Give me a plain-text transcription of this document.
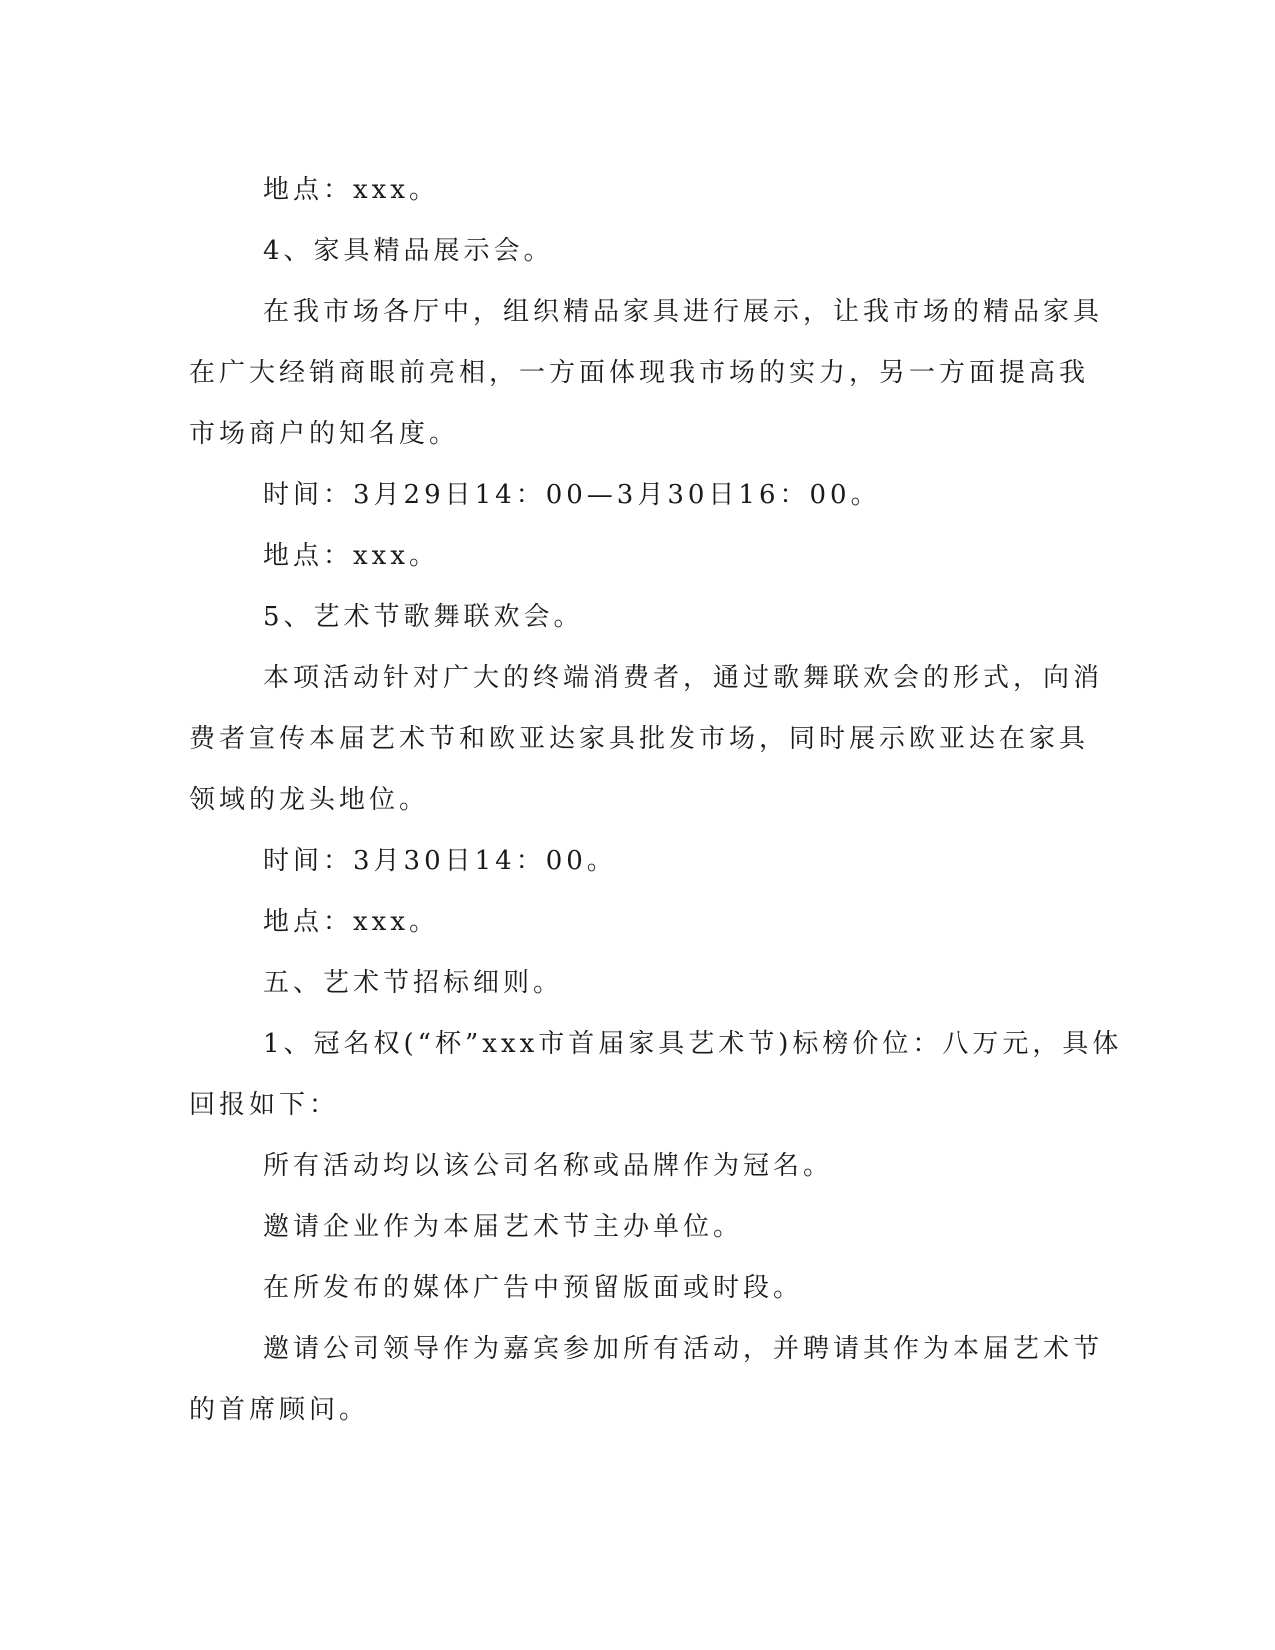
地点：xxx。

4、家具精品展示会。

在我市场各厅中，组织精品家具进行展示，让我市场的精品家具

在广大经销商眼前亮相，一方面体现我市场的实力，另一方面提高我

市场商户的知名度。

时间：3月29日14：00—3月30日16：00。

地点：xxx。

5、艺术节歌舞联欢会。

本项活动针对广大的终端消费者，通过歌舞联欢会的形式，向消

费者宣传本届艺术节和欧亚达家具批发市场，同时展示欧亚达在家具

领域的龙头地位。

时间：3月30日14：00。

地点：xxx。

五、艺术节招标细则。

1、冠名权(“杯”xxx市首届家具艺术节)标榜价位：八万元，具体

回报如下：

所有活动均以该公司名称或品牌作为冠名。

邀请企业作为本届艺术节主办单位。

在所发布的媒体广告中预留版面或时段。

邀请公司领导作为嘉宾参加所有活动，并聘请其作为本届艺术节

的首席顾问。
